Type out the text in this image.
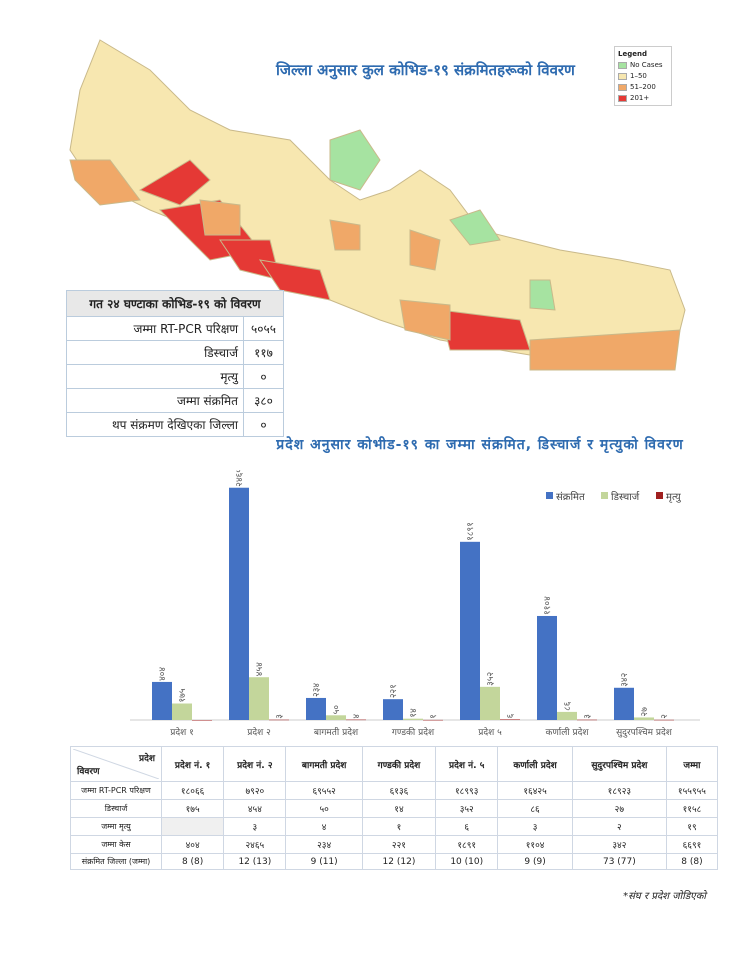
जिल्ला अनुसार कुल कोभिड-१९ संक्रमितहरूको विवरण
Legend
No Cases
1–50
51–200
201+
गत २४ घण्टाका कोभिड-१९ को विवरण	
जम्मा RT-PCR परिक्षण	५०५५
डिस्चार्ज	११७
मृत्यु	०
जम्मा संक्रमित	३८०
थप संक्रमण देखिएका जिल्ला	०
प्रदेश अनुसार कोभीड-१९ का जम्मा संक्रमित, डिस्चार्ज र मृत्युको विवरण
४०४
१७५
प्रदेश १
२४६५
४५४
३
प्रदेश २
२३४
५०
४
बागमती प्रदेश
२२१
१४ १
गण्डकी प्रदेश
१८९१
३५२
६
प्रदेश ५
११०४
८६
३
कर्णाली प्रदेश
३४२
२७
२
सुदुरपश्चिम प्रदेश
संक्रमित	डिस्चार्ज	मृत्यु
प्रदेश
विवरण	प्रदेश नं. १	प्रदेश नं. २	बागमती प्रदेश	गण्डकी प्रदेश	प्रदेश नं. ५	कर्णाली प्रदेश	सुदुरपश्चिम प्रदेश	जम्मा
जम्मा RT-PCR परिक्षण	१८०६६	७९२०	६९५५२	६१३६	१८९९३	१६४२५	१८९२३	१५५९५५
डिस्चार्ज	१७५	४५४	५०	१४	३५२	८६	२७	११५८
जम्मा मृत्यु		३	४	१	६	३	२	१९
जम्मा केस	४०४	२४६५	२३४	२२१	१८९१	११०४	३४२	६६९१
संक्रमित जिल्ला (जम्मा)	8 (8)	12 (13)	9 (11)	12 (12)	10 (10)	9 (9)	73 (77)	8 (8)
*संघ र प्रदेश जोडिएको
